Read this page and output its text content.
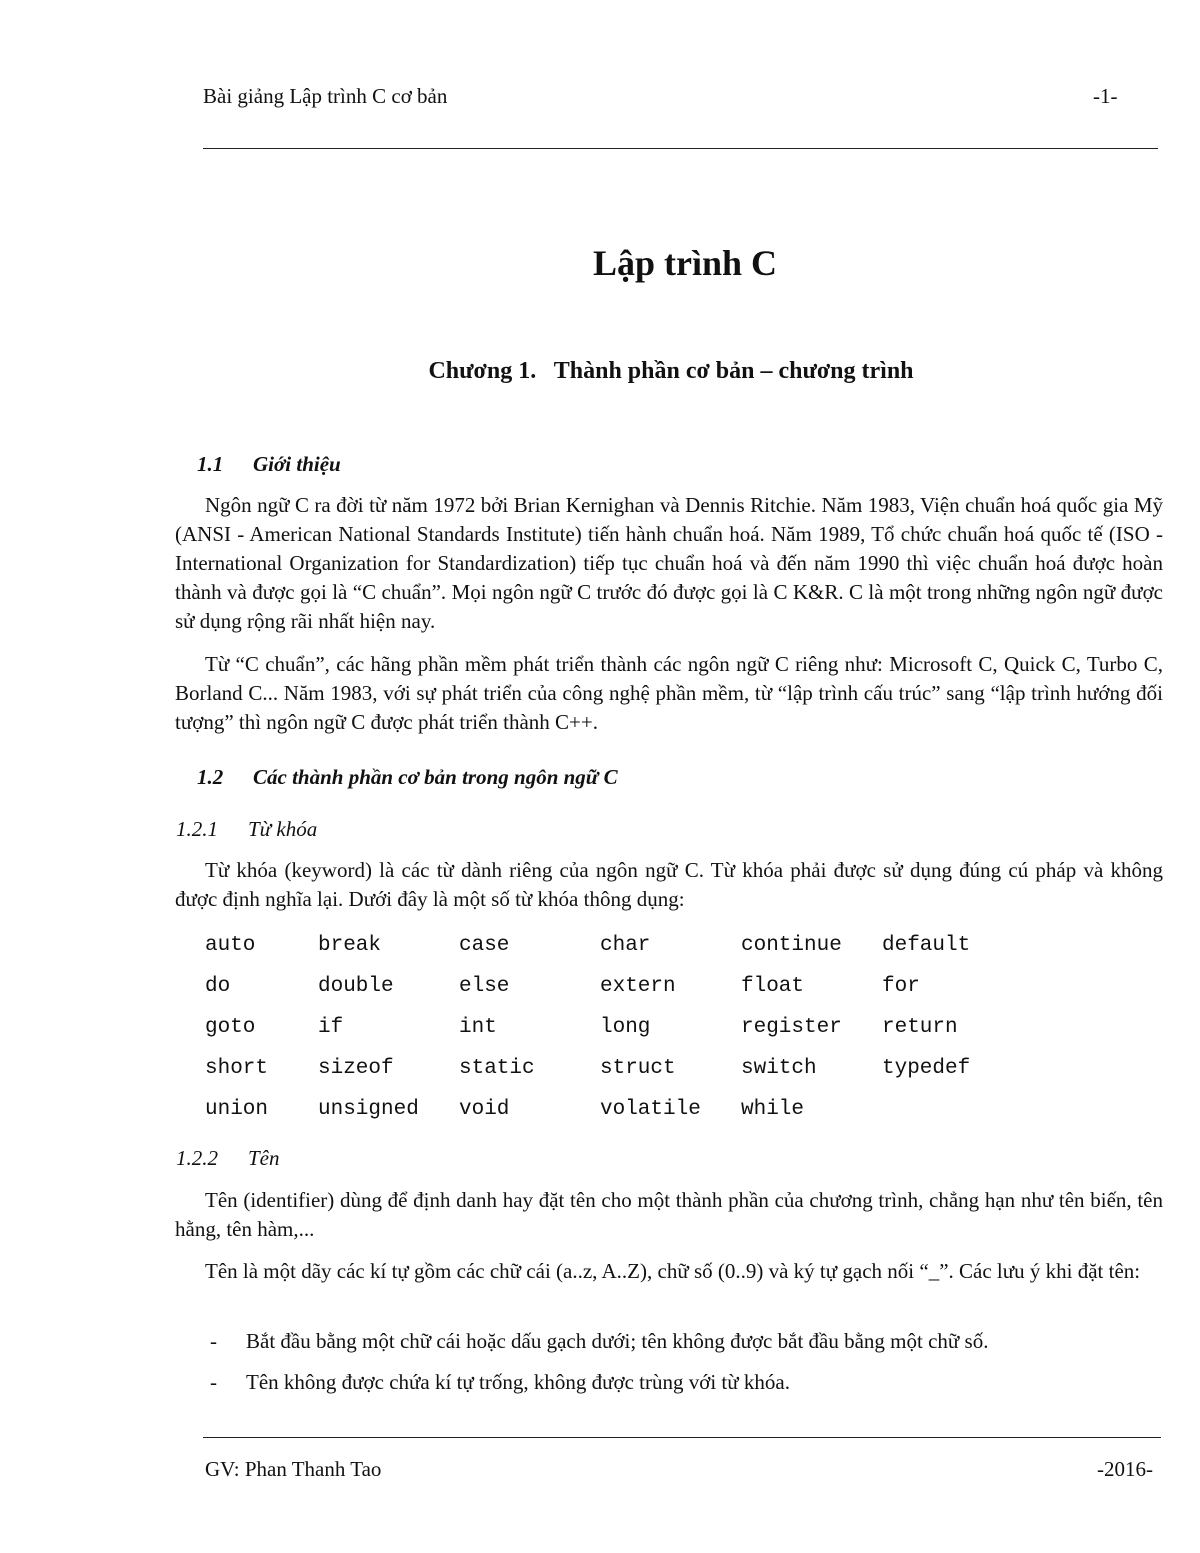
Bài giảng Lập trình C cơ bản	-1-
Lập trình C
Chương 1.   Thành phần cơ bản – chương trình
1.1 Giới thiệu
Ngôn ngữ C ra đời từ năm 1972 bởi Brian Kernighan và Dennis Ritchie. Năm 1983, Viện chuẩn hoá quốc gia Mỹ (ANSI - American National Standards Institute) tiến hành chuẩn hoá. Năm 1989, Tổ chức chuẩn hoá quốc tế (ISO - International Organization for Standardization) tiếp tục chuẩn hoá và đến năm 1990 thì việc chuẩn hoá được hoàn thành và được gọi là “C chuẩn”. Mọi ngôn ngữ C trước đó được gọi là C K&R. C là một trong những ngôn ngữ được sử dụng rộng rãi nhất hiện nay.
Từ “C chuẩn”, các hãng phần mềm phát triển thành các ngôn ngữ C riêng như: Microsoft C, Quick C, Turbo C, Borland C... Năm 1983, với sự phát triển của công nghệ phần mềm, từ “lập trình cấu trúc” sang “lập trình hướng đối tượng” thì ngôn ngữ C được phát triển thành C++.
1.2 Các thành phần cơ bản trong ngôn ngữ C
1.2.1 Từ khóa
Từ khóa (keyword) là các từ dành riêng của ngôn ngữ C. Từ khóa phải được sử dụng đúng cú pháp và không được định nghĩa lại. Dưới đây là một số từ khóa thông dụng:
auto	break	case	char	continue	default
do	double	else	extern	float	for
goto	if	int	long	register	return
short	sizeof	static	struct	switch	typedef
union	unsigned	void	volatile	while
1.2.2 Tên
Tên (identifier) dùng để định danh hay đặt tên cho một thành phần của chương trình, chẳng hạn như tên biến, tên hằng, tên hàm,...
Tên là một dãy các kí tự gồm các chữ cái (a..z, A..Z), chữ số (0..9) và ký tự gạch nối “_”. Các lưu ý khi đặt tên:
- Bắt đầu bằng một chữ cái hoặc dấu gạch dưới; tên không được bắt đầu bằng một chữ số.
- Tên không được chứa kí tự trống, không được trùng với từ khóa.
GV: Phan Thanh Tao	-2016-
